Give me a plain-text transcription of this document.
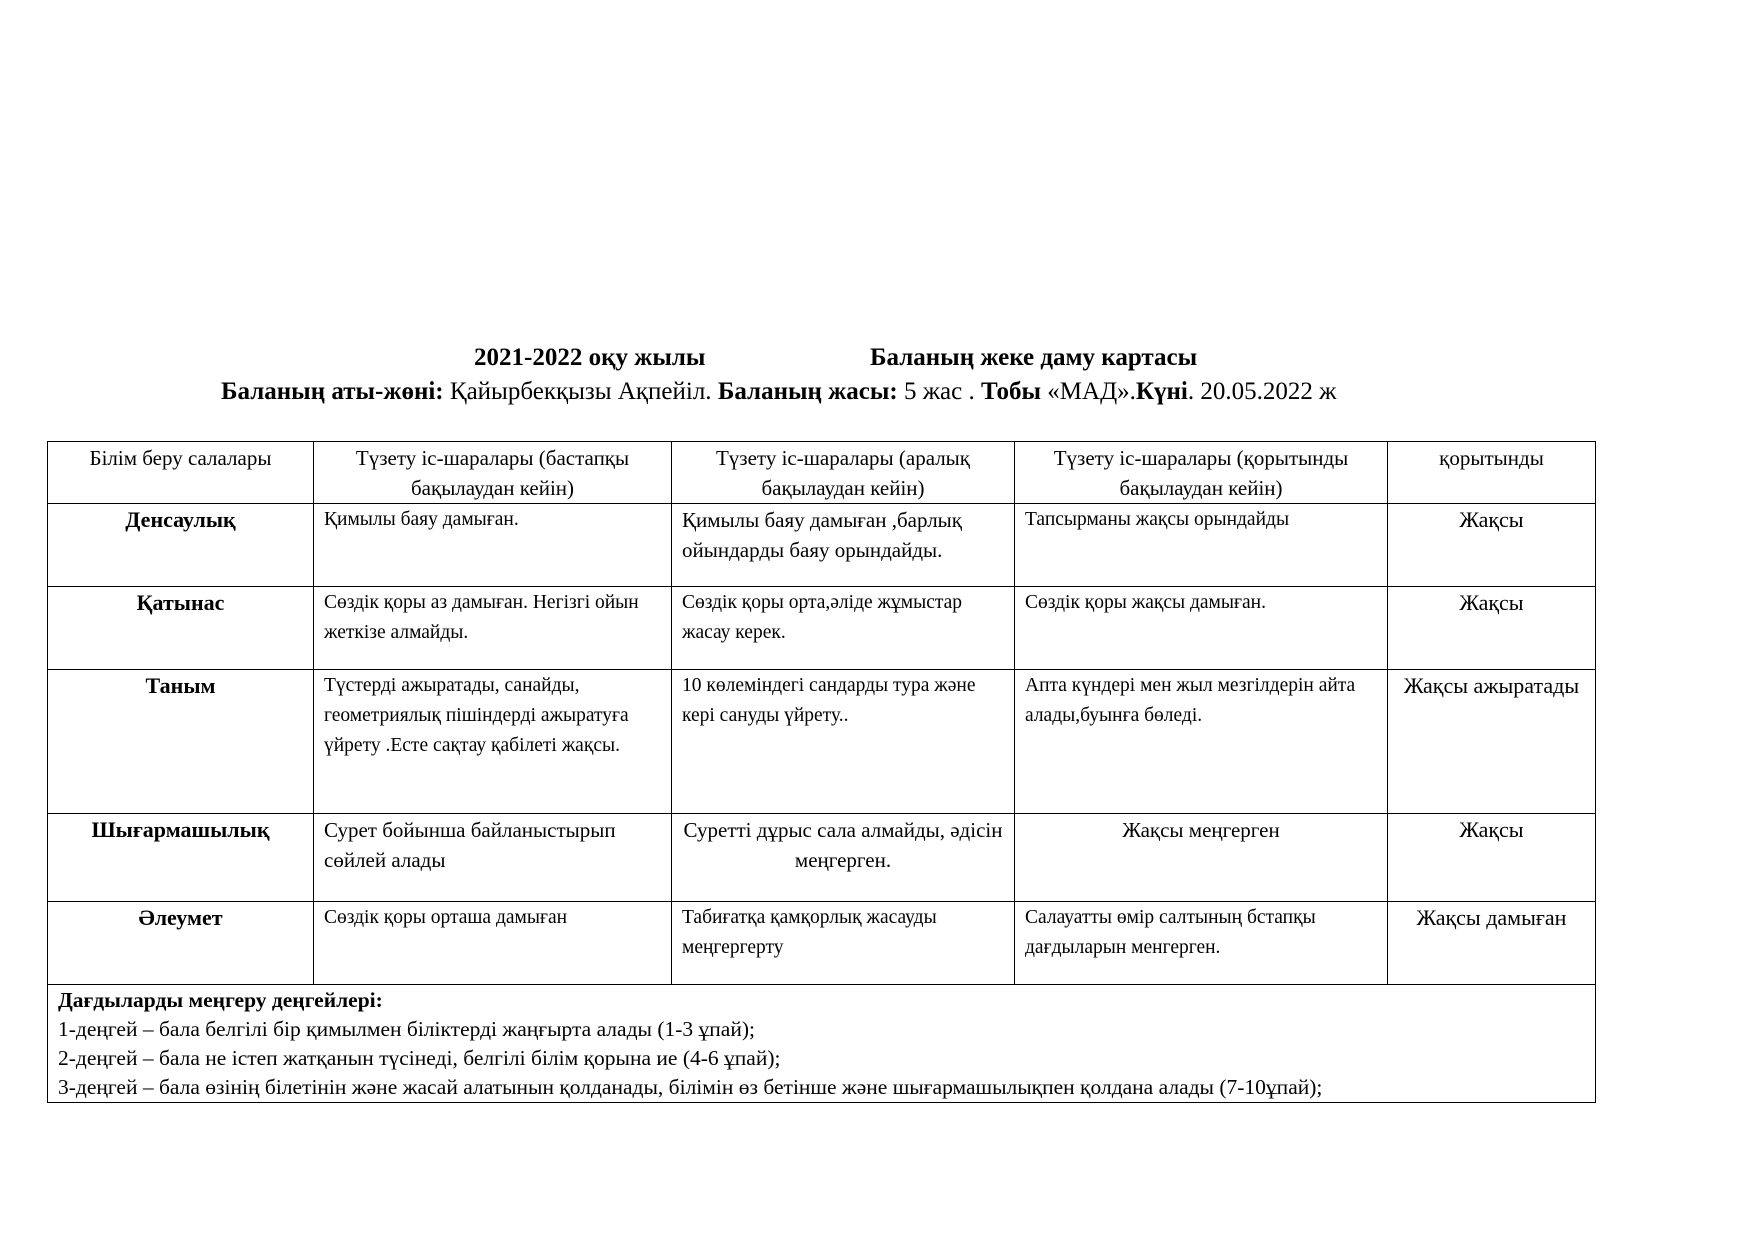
2021-2022 оқу жылы	Баланың жеке даму картасы
Баланың аты-жөні: Қайырбекқызы Ақпейіл. Баланың жасы: 5 жас . Тобы «МАД».Күні. 20.05.2022 ж
Білім беру салалары	Түзету іс-шаралары (бастапқы бақылаудан кейін)	Түзету іс-шаралары (аралық бақылаудан кейін)	Түзету іс-шаралары (қорытынды бақылаудан кейін)	қорытынды
Денсаулық	Қимылы баяу дамыған.	Қимылы баяу дамыған ,барлық ойындарды баяу орындайды.	Тапсырманы жақсы орындайды	Жақсы
Қатынас	Сөздік қоры аз дамыған. Негізгі ойын жеткізе алмайды.	Сөздік қоры орта,әліде жұмыстар жасау керек.	Сөздік қоры жақсы дамыған.	Жақсы
Таным	Түстерді ажыратады, санайды, геометриялық пішіндерді ажыратуға үйрету .Есте сақтау қабілеті жақсы.	10 көлеміндегі сандарды тура және кері сануды үйрету..	Апта күндері мен жыл мезгілдерін айта алады,буынға бөледі.	Жақсы ажыратады
Шығармашылық	Сурет бойынша байланыстырып сөйлей алады	Суретті дұрыс сала алмайды, әдісін меңгерген.	Жақсы меңгерген	Жақсы
Әлеумет	Сөздік қоры орташа дамыған	Табиғатқа қамқорлық жасауды меңгергерту	Салауатты өмір салтының бстапқы дағдыларын менгерген.	Жақсы дамыған

Дағдыларды меңгеру деңгейлері:
1-деңгей – бала белгілі бір қимылмен біліктерді жаңғырта алады (1-3 ұпай);
2-деңгей – бала не істеп жатқанын түсінеді, белгілі білім қорына ие (4-6 ұпай);
3-деңгей – бала өзінің білетінін және жасай алатынын қолданады, білімін өз бетінше және шығармашылықпен қолдана алады (7-10ұпай);				
